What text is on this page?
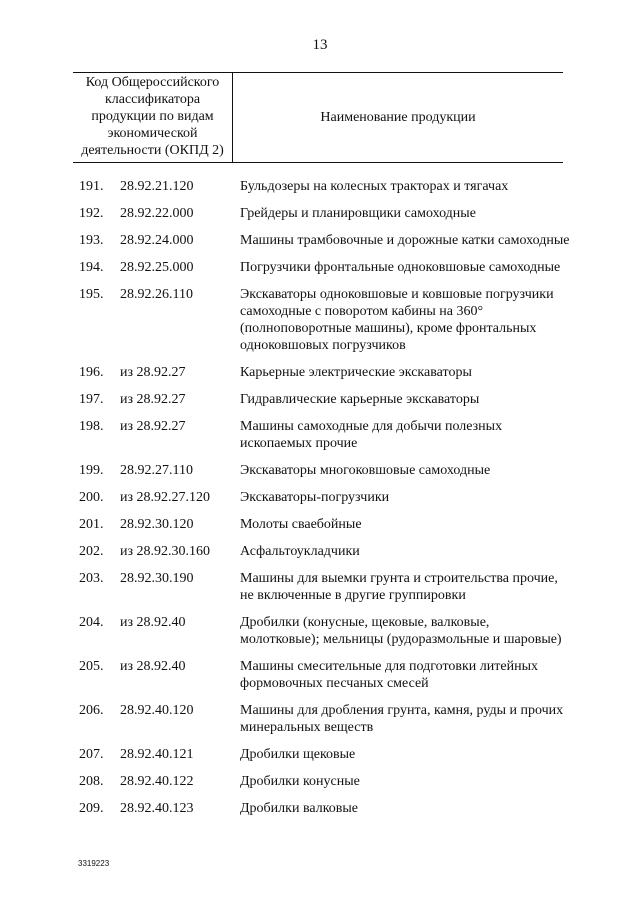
13
Код Общероссийского
классификатора
продукции по видам
экономической
деятельности (ОКПД 2)
Наименование продукции
191. 28.92.21.120	Бульдозеры на колесных тракторах и тягачах
192. 28.92.22.000	Грейдеры и планировщики самоходные
193. 28.92.24.000	Машины трамбовочные и дорожные катки самоходные
194. 28.92.25.000	Погрузчики фронтальные одноковшовые самоходные
195. 28.92.26.110	Экскаваторы одноковшовые и ковшовые погрузчики самоходные с поворотом кабины на 360° (полноповоротные машины), кроме фронтальных одноковшовых погрузчиков
196. из 28.92.27	Карьерные электрические экскаваторы
197. из 28.92.27	Гидравлические карьерные экскаваторы
198. из 28.92.27	Машины самоходные для добычи полезных ископаемых прочие
199. 28.92.27.110	Экскаваторы многоковшовые самоходные
200. из 28.92.27.120 Экскаваторы-погрузчики
201. 28.92.30.120	Молоты сваебойные
202. из 28.92.30.160 Асфальтоукладчики
203. 28.92.30.190	Машины для выемки грунта и строительства прочие, не включенные в другие группировки
204. из 28.92.40	Дробилки (конусные, щековые, валковые, молотковые); мельницы (рудоразмольные и шаровые)
205. из 28.92.40	Машины смесительные для подготовки литейных формовочных песчаных смесей
206. 28.92.40.120	Машины для дробления грунта, камня, руды и прочих минеральных веществ
207. 28.92.40.121	Дробилки щековые
208. 28.92.40.122	Дробилки конусные
209. 28.92.40.123	Дробилки валковые
3319223
